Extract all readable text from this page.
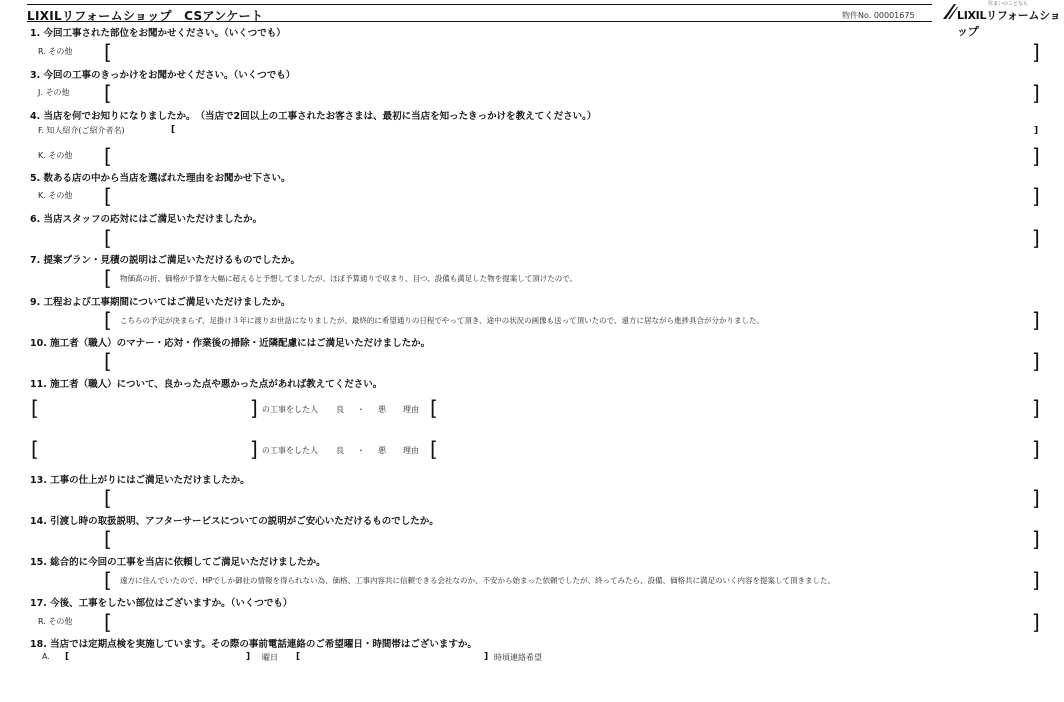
LIXILリフォームショップ　CSアンケート	物件No. 00001675
住まいのことなら
LIXILリフォームショップ
1. 今回工事された部位をお聞かせください。（いくつでも）
R. その他 [	]
3. 今回の工事のきっかけをお聞かせください。（いくつでも）
J. その他 [	]
4. 当店を何でお知りになりましたか。　（当店で2回以上の工事されたお客さまは、最初に当店を知ったきっかけを教えてください。）
F. 知人紹介(ご紹介者名)	[	]
K. その他 [	]
5. 数ある店の中から当店を選ばれた理由をお聞かせ下さい。
K. その他 [	]
6. 当店スタッフの応対にはご満足いただけましたか。
[	]
7. 提案プラン・見積の説明はご満足いただけるものでしたか。
[ 物価高の折、価格が予算を大幅に超えると予想してましたが、ほぼ予算通りで収まり、目つ、設備も満足した物を提案して頂けたので。
9. 工程および工事期間についてはご満足いただけましたか。
[ こちらの予定が決まらず、足掛け３年に渡りお世話になりましたが、最終的に希望通りの日程でやって頂き、途中の状況の画像も送って頂いたので、遠方に居ながら進捗具合が分かりました。	]
10. 施工者（職人）のマナー・応対・作業後の掃除・近隣配慮にはご満足いただけましたか。
[	]
11. 施工者（職人）について、良かった点や悪かった点があれば教えてください。
[	] の工事をした人 良 ・ 悪 理由 [	]
[	] の工事をした人 良 ・ 悪 理由 [	]
13. 工事の仕上がりにはご満足いただけましたか。
[	]
14. 引渡し時の取扱説明、アフターサービスについての説明がご安心いただけるものでしたか。
[	]
15. 総合的に今回の工事を当店に依頼してご満足いただけましたか。
[ 遠方に住んでいたので、HPでしか御社の情報を得られない為、価格、工事内容共に信頼できる会社なのか、不安から始まった依頼でしたが、終ってみたら、設備、価格共に満足のいく内容を提案して頂きました。	]
17. 今後、工事をしたい部位はございますか。（いくつでも）
R. その他 [	]
18. 当店では定期点検を実施しています。その際の事前電話連絡のご希望曜日・時間帯はございますか。
A. [	] 曜日 [	] 時頃連絡希望
